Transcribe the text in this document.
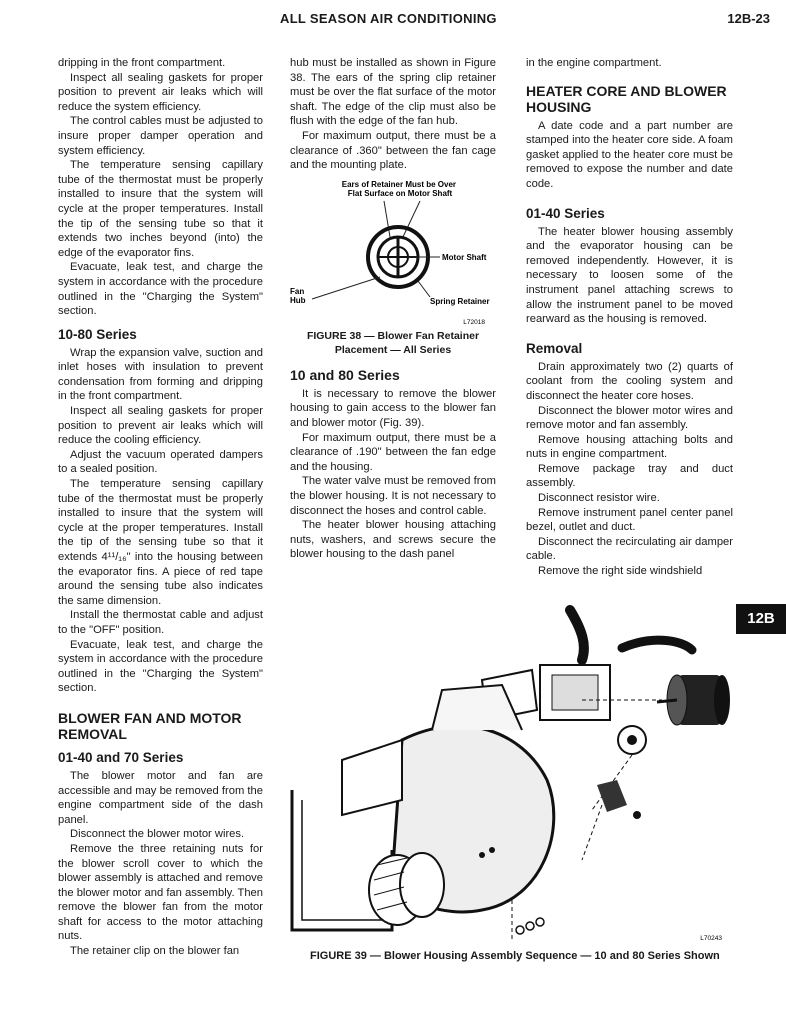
ALL SEASON AIR CONDITIONING	12B-23

dripping in the front compartment.

Inspect all sealing gaskets for proper position to prevent air leaks which will reduce the system efficiency.

The control cables must be adjusted to insure proper damper operation and system efficiency.

The temperature sensing capillary tube of the thermostat must be properly installed to insure that the system will cycle at the proper temperatures. Install the tip of the sensing tube so that it extends two inches beyond (into) the edge of the evaporator fins.

Evacuate, leak test, and charge the system in accordance with the procedure outlined in the "Charging the System" section.

10-80 Series

Wrap the expansion valve, suction and inlet hoses with insulation to prevent condensation from forming and dripping in the front compartment.

Inspect all sealing gaskets for proper position to prevent air leaks which will reduce the cooling efficiency.

Adjust the vacuum operated dampers to a sealed position.

The temperature sensing capillary tube of the thermostat must be properly installed to insure that the system will cycle at the proper temperatures. Install the tip of the sensing tube so that it extends 4¹¹/₁₆" into the housing between the evaporator fins. A piece of red tape around the sensing tube also indicates the same dimension.

Install the thermostat cable and adjust to the "OFF" position.

Evacuate, leak test, and charge the system in accordance with the procedure outlined in the "Charging the System" section.

BLOWER FAN AND MOTOR REMOVAL
01-40 and 70 Series

The blower motor and fan are accessible and may be removed from the engine compartment side of the dash panel.

Disconnect the blower motor wires.

Remove the three retaining nuts for the blower scroll cover to which the blower assembly is attached and remove the blower motor and fan assembly. Then remove the blower fan from the motor shaft for access to the motor attaching nuts.

The retainer clip on the blower fan

hub must be installed as shown in Figure 38. The ears of the spring clip retainer must be over the flat surface of the motor shaft. The edge of the clip must also be flush with the edge of the fan hub.

For maximum output, there must be a clearance of .360" between the fan cage and the mounting plate.

Ears of Retainer Must be Over Flat Surface on Motor Shaft
Motor Shaft
Fan Hub	Spring Retainer
L72018
FIGURE 38 — Blower Fan Retainer Placement — All Series
10 and 80 Series

It is necessary to remove the blower housing to gain access to the blower fan and blower motor (Fig. 39).

For maximum output, there must be a clearance of .190" between the fan edge and the housing.

The water valve must be removed from the blower housing. It is not necessary to disconnect the hoses and control cable.

The heater blower housing attaching nuts, washers, and screws secure the blower housing to the dash panel

in the engine compartment.

HEATER CORE AND BLOWER HOUSING

A date code and a part number are stamped into the heater core side. A foam gasket applied to the heater core must be removed to expose the number and date code.

01-40 Series

The heater blower housing assembly and the evaporator housing can be removed independently. However, it is necessary to loosen some of the instrument panel attaching screws to allow the instrument panel to be moved rearward as the housing is removed.

Removal

Drain approximately two (2) quarts of coolant from the cooling system and disconnect the heater core hoses.

Disconnect the blower motor wires and remove motor and fan assembly.

Remove housing attaching bolts and nuts in engine compartment.

Remove package tray and duct assembly.

Disconnect resistor wire.

Remove instrument panel center panel bezel, outlet and duct.

Disconnect the recirculating air damper cable.

Remove the right side windshield

12B
L70243
FIGURE 39 — Blower Housing Assembly Sequence — 10 and 80 Series Shown
